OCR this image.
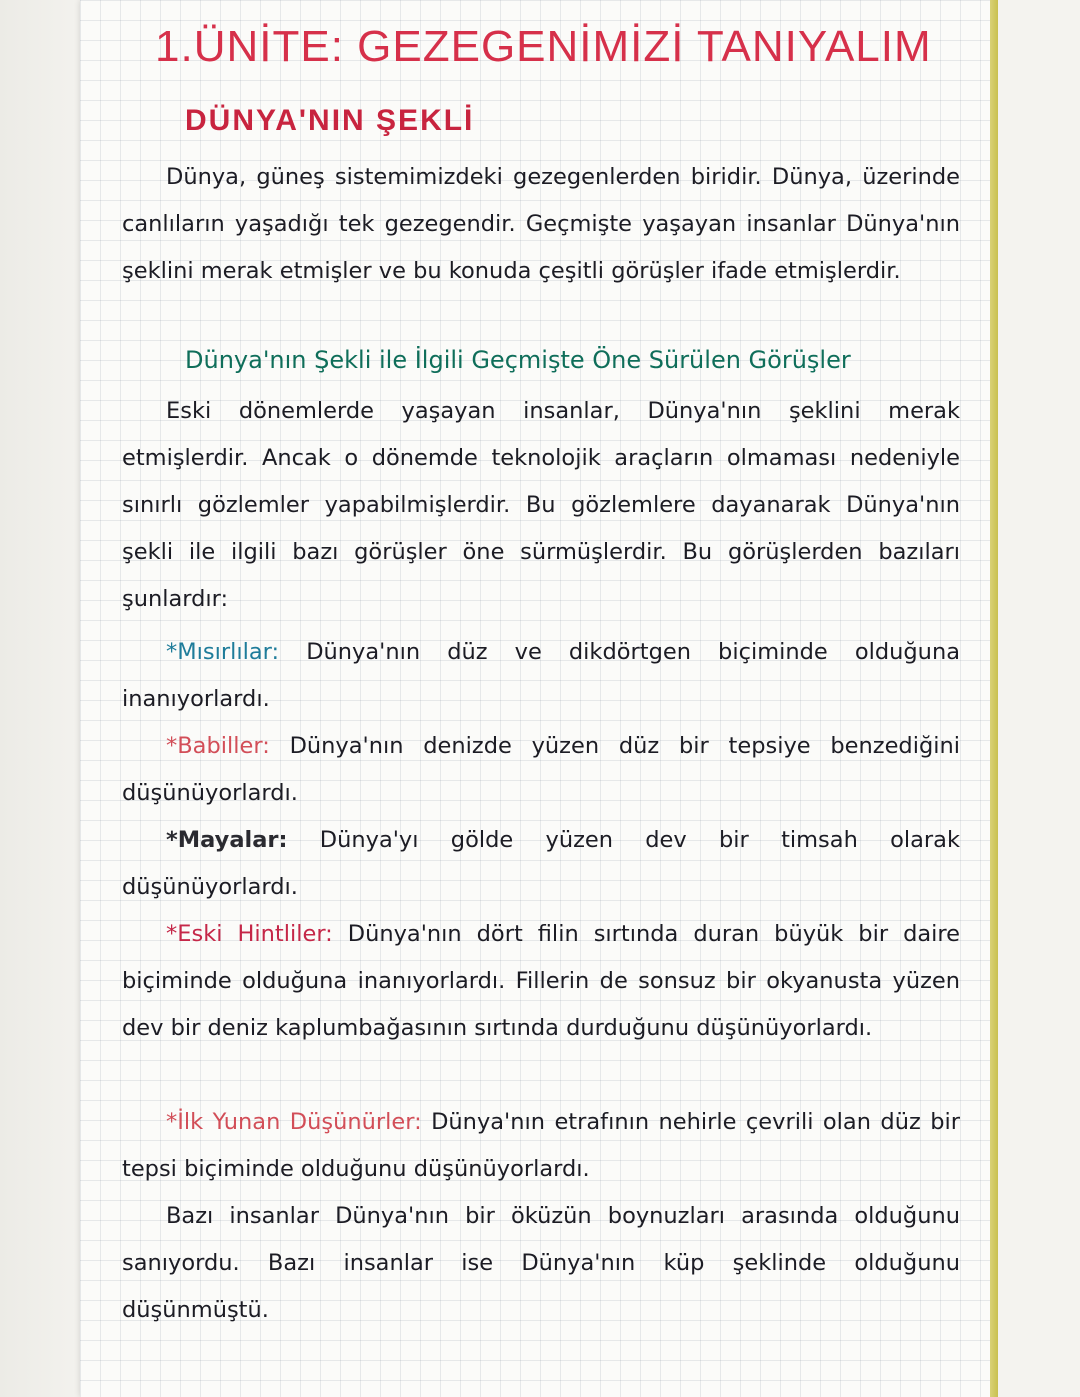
1.ÜNİTE: GEZEGENİMİZİ TANIYALIM
DÜNYA'NIN ŞEKLİ
Dünya, güneş sistemimizdeki gezegenlerden biridir. Dünya, üzerinde canlıların yaşadığı tek gezegendir. Geçmişte yaşayan insanlar Dünya'nın şeklini merak etmişler ve bu konuda çeşitli görüşler ifade etmişlerdir.
Dünya'nın Şekli ile İlgili Geçmişte Öne Sürülen Görüşler
Eski dönemlerde yaşayan insanlar, Dünya'nın şeklini merak etmişlerdir. Ancak o dönemde teknolojik araçların olmaması nedeniyle sınırlı gözlemler yapabilmişlerdir. Bu gözlemlere dayanarak Dünya'nın şekli ile ilgili bazı görüşler öne sürmüşlerdir. Bu görüşlerden bazıları şunlardır:
*Mısırlılar: Dünya'nın düz ve dikdörtgen biçiminde olduğuna inanıyorlardı.
*Babiller: Dünya'nın denizde yüzen düz bir tepsiye benzediğini düşünüyorlardı.
*Mayalar: Dünya'yı gölde yüzen dev bir timsah olarak düşünüyorlardı.
*Eski Hintliler: Dünya'nın dört filin sırtında duran büyük bir daire biçiminde olduğuna inanıyorlardı. Fillerin de sonsuz bir okyanusta yüzen dev bir deniz kaplumbağasının sırtında durduğunu düşünüyorlardı.
*İlk Yunan Düşünürler: Dünya'nın etrafının nehirle çevrili olan düz bir tepsi biçiminde olduğunu düşünüyorlardı.
Bazı insanlar Dünya'nın bir öküzün boynuzları arasında olduğunu sanıyordu. Bazı insanlar ise Dünya'nın küp şeklinde olduğunu düşünmüştü.
